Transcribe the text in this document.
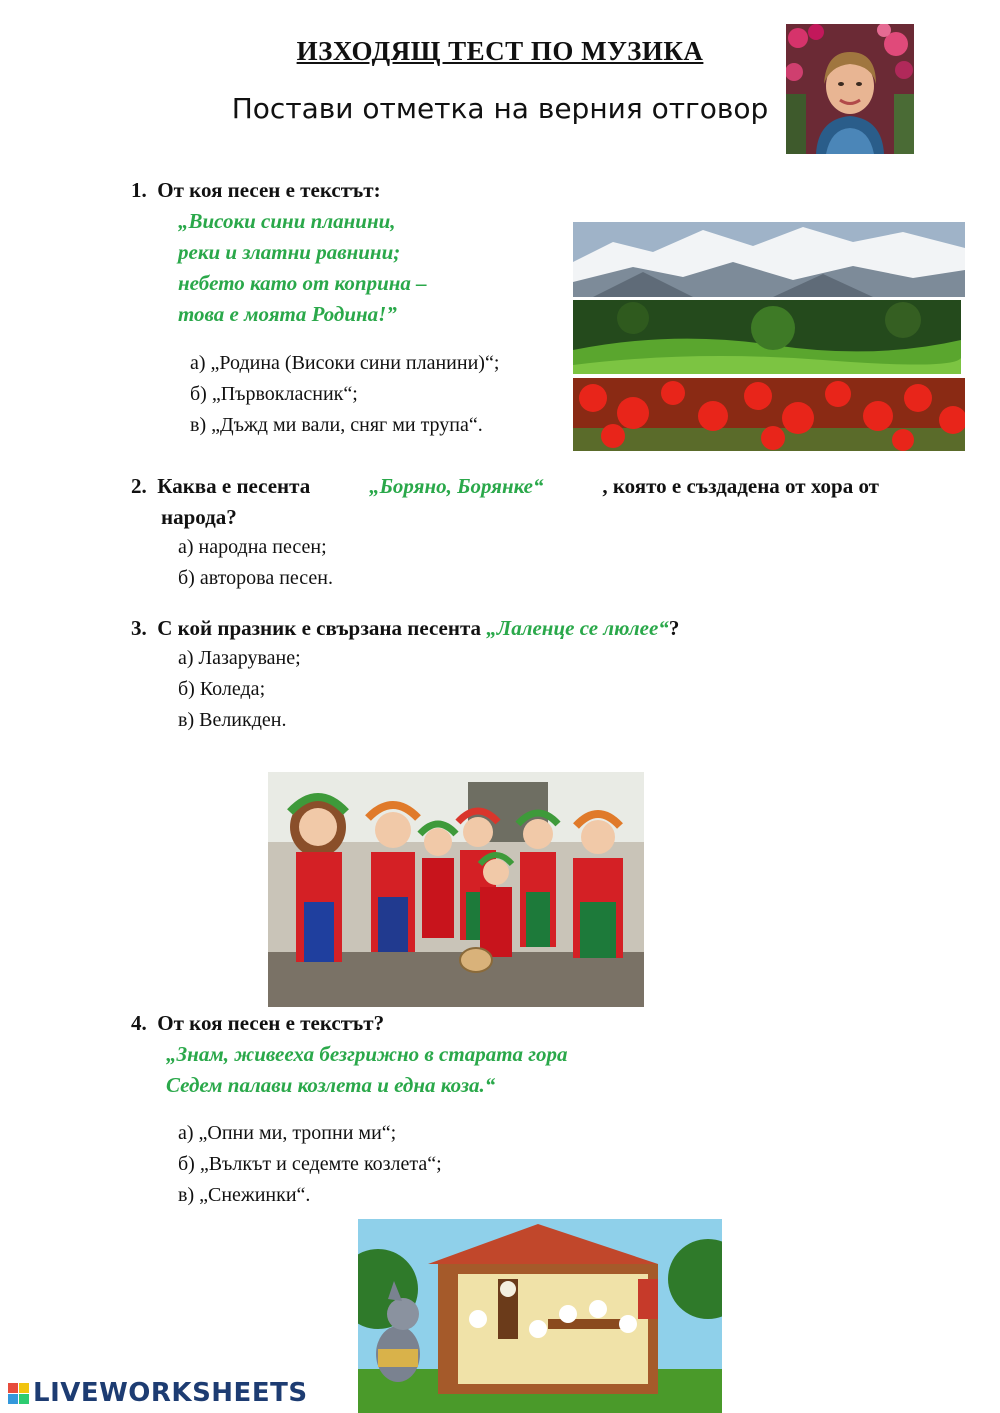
ИЗХОДЯЩ ТЕСТ ПО МУЗИКА
Постави отметка на верния отговор
1. От коя песен е текстът:
„Високи сини планини,
реки и златни равнини;
небето като от коприна –
това е моята Родина!”
а) „Родина (Високи сини планини)“;
б) „Първокласник“;
в) „Дъжд ми вали, сняг ми трупа“.
2. Каква е песента	„Боряно, Борянке“	, която е създадена от хора от
народа?
а) народна песен;
б) авторова песен.
3. С кой празник е свързана песента „Лаленце се люлее“?
а) Лазаруване;
б) Коледа;
в) Великден.
4. От коя песен е текстът?
„Знам, живееха безгрижно в старата гора
Седем палави козлета и една коза.“
а) „Опни ми, тропни ми“;
б) „Вълкът и седемте козлета“;
в) „Снежинки“.
LIVEWORKSHEETS
